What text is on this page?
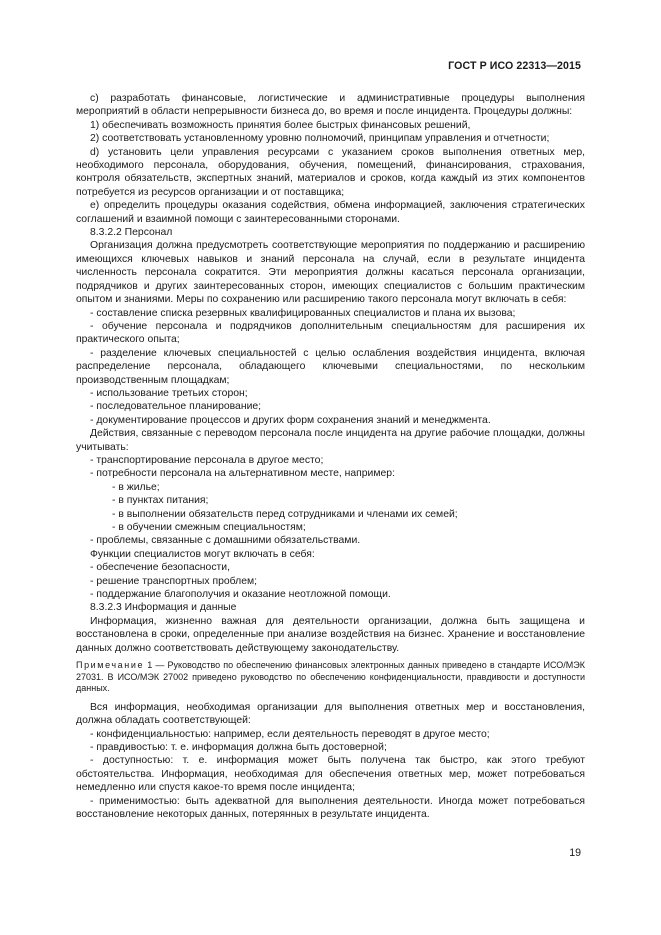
ГОСТ Р ИСО 22313—2015

c) разработать финансовые, логистические и административные процедуры выполнения мероприятий в области непрерывности бизнеса до, во время и после инцидента. Процедуры должны:

1) обеспечивать возможность принятия более быстрых финансовых решений,

2) соответствовать установленному уровню полномочий, принципам управления и отчетности;

d) установить цели управления ресурсами с указанием сроков выполнения ответных мер, необходимого персонала, оборудования, обучения, помещений, финансирования, страхования, контроля обязательств, экспертных знаний, материалов и сроков, когда каждый из этих компонентов потребуется из ресурсов организации и от поставщика;

e) определить процедуры оказания содействия, обмена информацией, заключения стратегических соглашений и взаимной помощи с заинтересованными сторонами.

8.3.2.2 Персонал

Организация должна предусмотреть соответствующие мероприятия по поддержанию и расширению имеющихся ключевых навыков и знаний персонала на случай, если в результате инцидента численность персонала сократится. Эти мероприятия должны касаться персонала организации, подрядчиков и других заинтересованных сторон, имеющих специалистов с большим практическим опытом и знаниями. Меры по сохранению или расширению такого персонала могут включать в себя:

- составление списка резервных квалифицированных специалистов и плана их вызова;

- обучение персонала и подрядчиков дополнительным специальностям для расширения их практического опыта;

- разделение ключевых специальностей с целью ослабления воздействия инцидента, включая распределение персонала, обладающего ключевыми специальностями, по нескольким производственным площадкам;

- использование третьих сторон;

- последовательное планирование;

- документирование процессов и других форм сохранения знаний и менеджмента.

Действия, связанные с переводом персонала после инцидента на другие рабочие площадки, должны учитывать:

- транспортирование персонала в другое место;

- потребности персонала на альтернативном месте, например:

- в жилье;

- в пунктах питания;

- в выполнении обязательств перед сотрудниками и членами их семей;

- в обучении смежным специальностям;

- проблемы, связанные с домашними обязательствами.

Функции специалистов могут включать в себя:

- обеспечение безопасности,

- решение транспортных проблем;

- поддержание благополучия и оказание неотложной помощи.

8.3.2.3 Информация и данные

Информация, жизненно важная для деятельности организации, должна быть защищена и восстановлена в сроки, определенные при анализе воздействия на бизнес. Хранение и восстановление данных должно соответствовать действующему законодательству.

Примечание 1 — Руководство по обеспечению финансовых электронных данных приведено в стандарте ИСО/МЭК 27031. В ИСО/МЭК 27002 приведено руководство по обеспечению конфиденциальности, правдивости и доступности данных.

Вся информация, необходимая организации для выполнения ответных мер и восстановления, должна обладать соответствующей:

- конфиденциальностью: например, если деятельность переводят в другое место;

- правдивостью: т. е. информация должна быть достоверной;

- доступностью: т. е. информация может быть получена так быстро, как этого требуют обстоятельства. Информация, необходимая для обеспечения ответных мер, может потребоваться немедленно или спустя какое-то время после инцидента;

- применимостью: быть адекватной для выполнения деятельности. Иногда может потребоваться восстановление некоторых данных, потерянных в результате инцидента.

19
